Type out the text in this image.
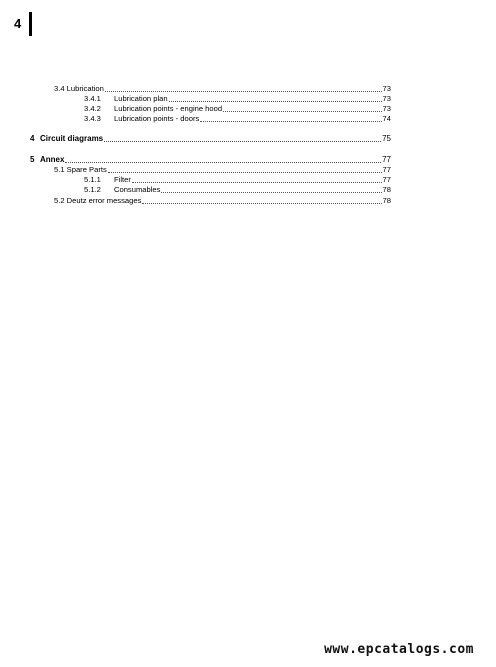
4
3.4 Lubrication	73
3.4.1	Lubrication plan	73
3.4.2	Lubrication points - engine hood	73
3.4.3	Lubrication points - doors	74
4 Circuit diagrams	75
5 Annex	77
5.1 Spare Parts	77
5.1.1	Filter	77
5.1.2	Consumables	78
5.2 Deutz error messages	78
www.epcatalogs.com
